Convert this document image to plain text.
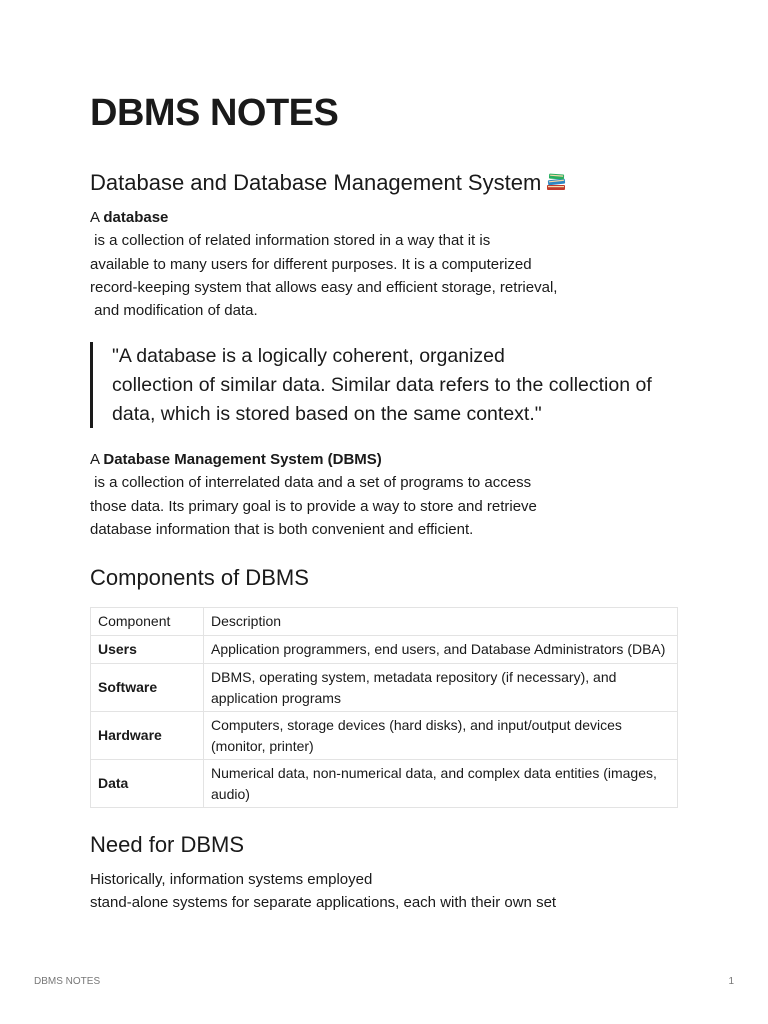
DBMS NOTES
Database and Database Management System

A database
is a collection of related information stored in a way that it is
available to many users for different purposes. It is a computerized
record-keeping system that allows easy and efficient storage, retrieval,
and modification of data.

"A database is a logically coherent, organized
collection of similar data. Similar data refers to the collection of
data, which is stored based on the same context."

A Database Management System (DBMS)
is a collection of interrelated data and a set of programs to access
those data. Its primary goal is to provide a way to store and retrieve
database information that is both convenient and efficient.

Components of DBMS
Component	Description
Users	Application programmers, end users, and Database Administrators (DBA)
Software	DBMS, operating system, metadata repository (if necessary), and application programs
Hardware	Computers, storage devices (hard disks), and input/output devices (monitor, printer)
Data	Numerical data, non-numerical data, and complex data entities (images, audio)
Need for DBMS

Historically, information systems employed
stand-alone systems for separate applications, each with their own set

DBMS NOTES	1
